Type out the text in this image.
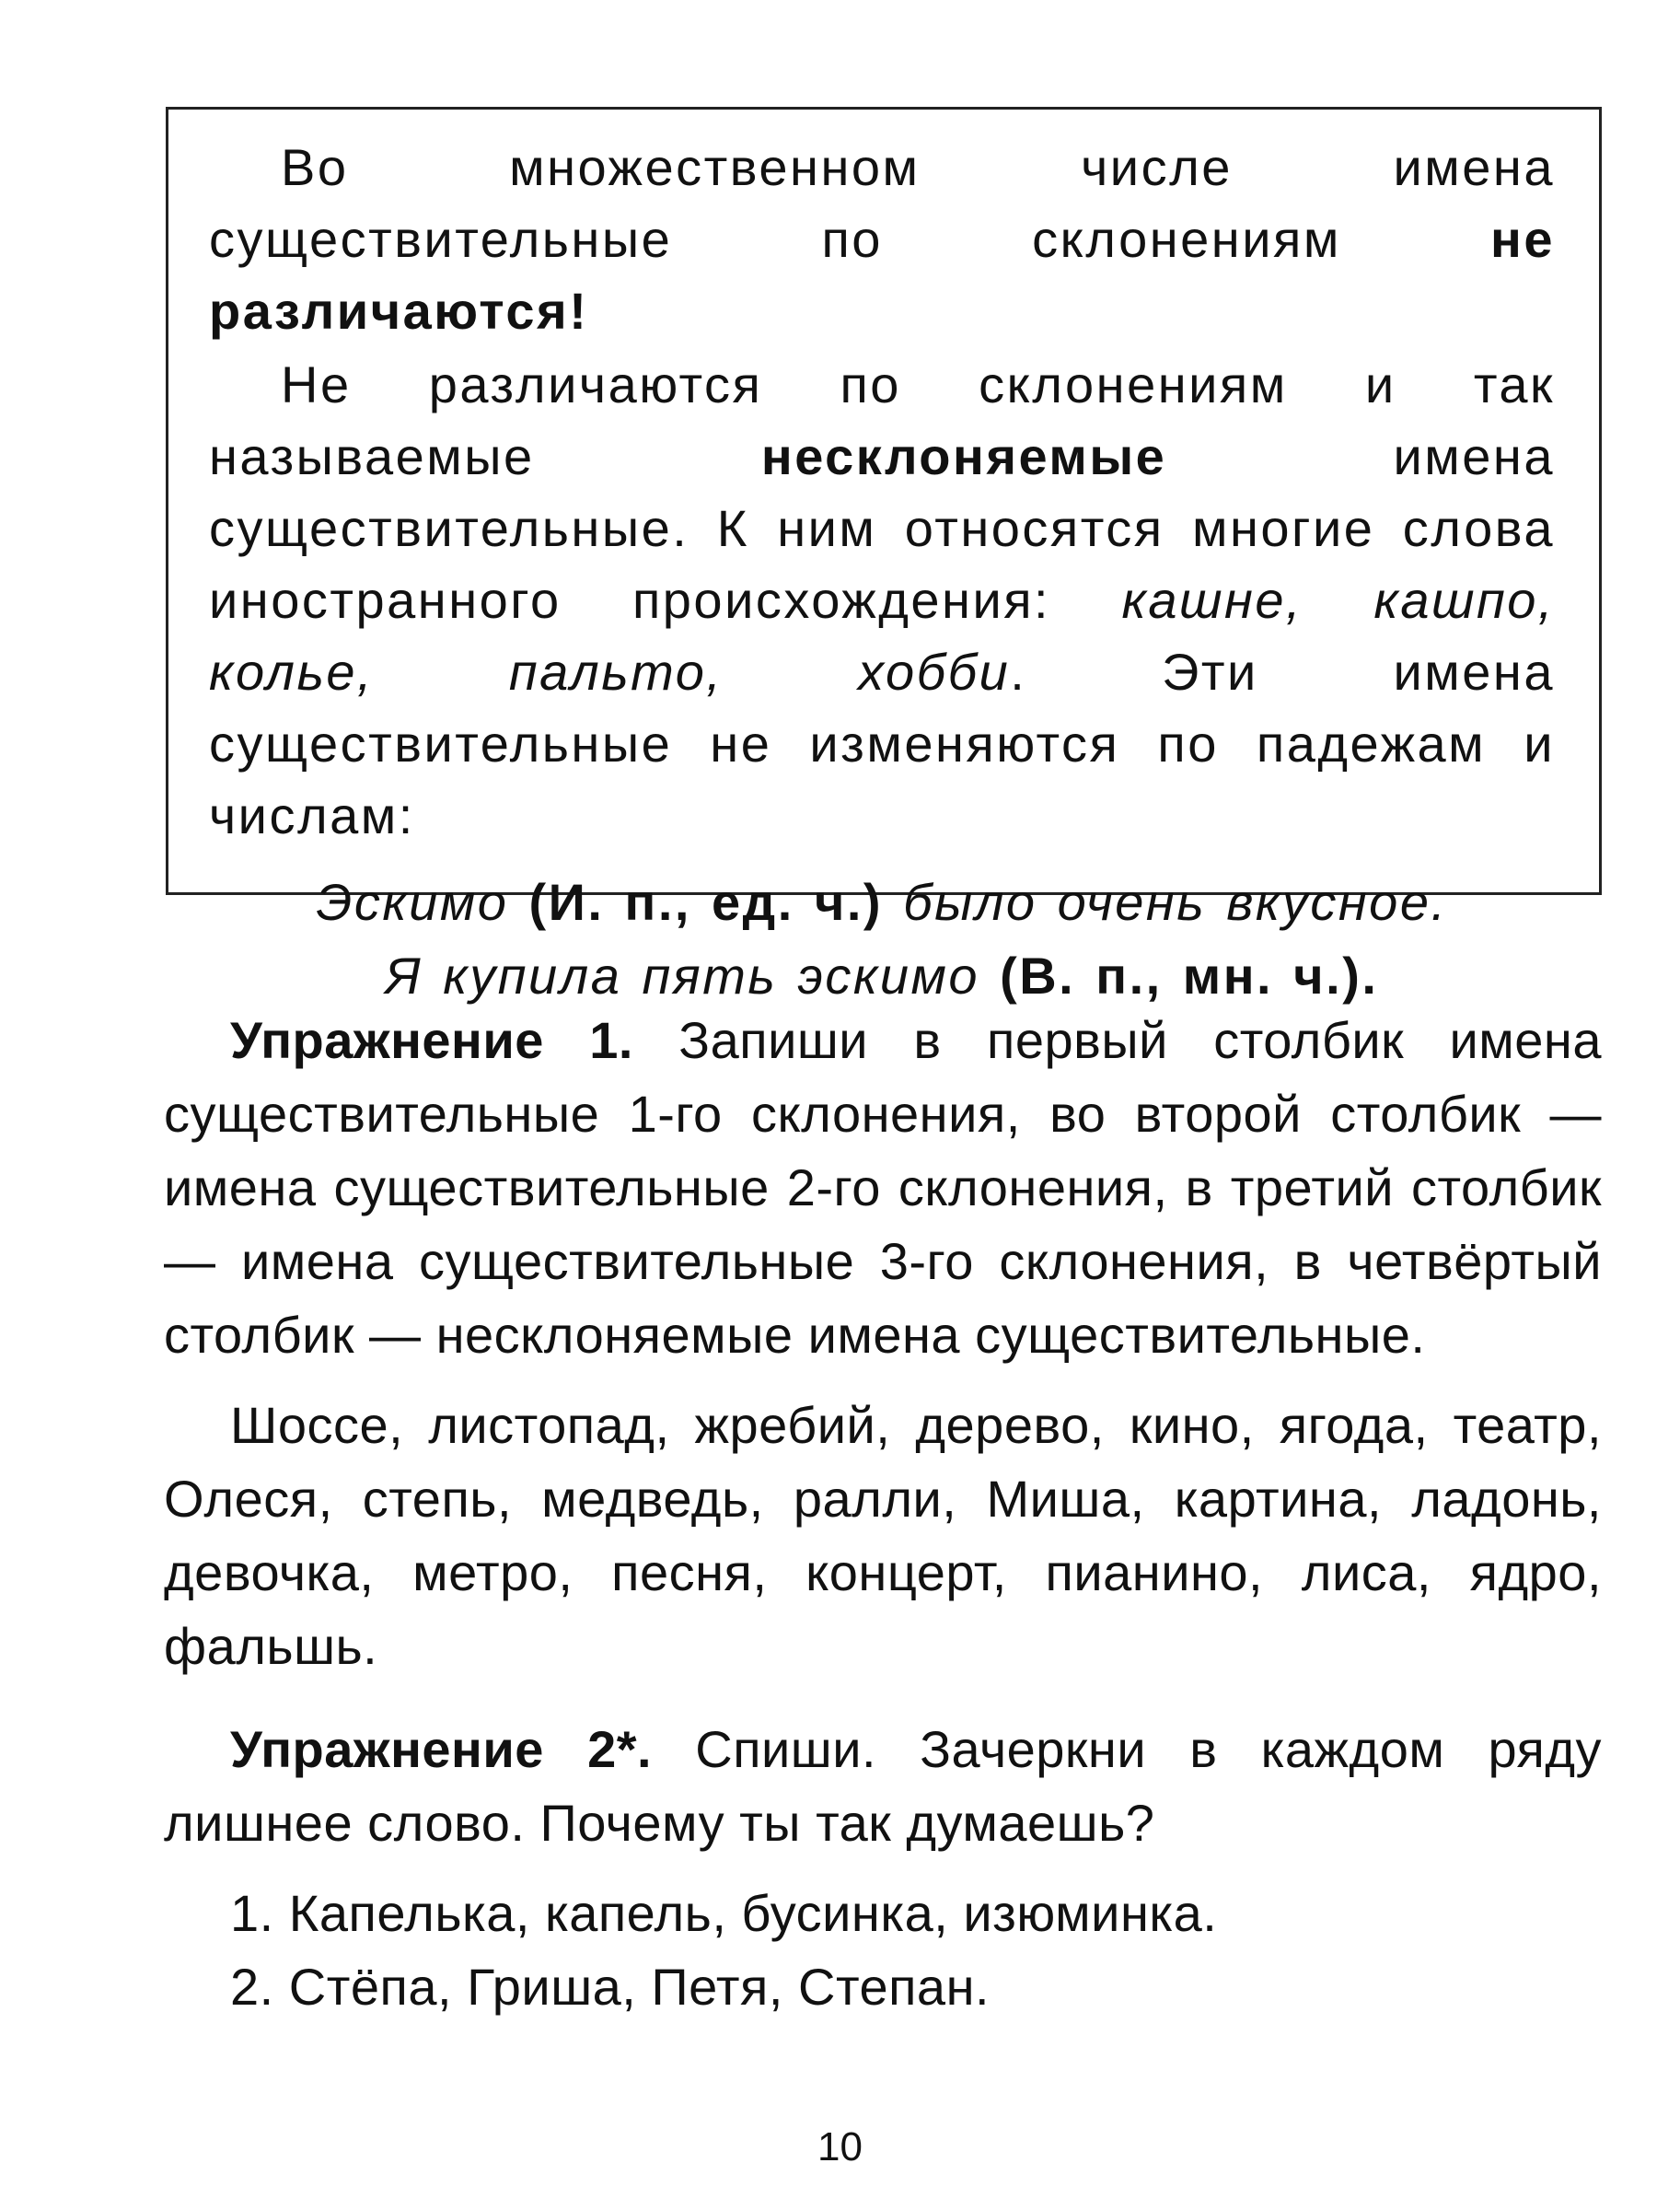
Во множественном числе имена существительные по склонениям не различаются!

Не различаются по склонениям и так называемые несклоняемые имена существительные. К ним относятся многие слова иностранного происхождения: кашне, кашпо, колье, пальто, хобби. Эти имена существительные не изменяются по падежам и числам:

Эскимо (И. п., ед. ч.) было очень вкусное.

Я купила пять эскимо (В. п., мн. ч.).

Упражнение 1. Запиши в первый столбик имена существительные 1-го склонения, во второй столбик — имена существительные 2-го склонения, в третий столбик — имена существительные 3-го склонения, в четвёртый столбик — несклоняемые имена существительные.

Шоссе, листопад, жребий, дерево, кино, ягода, театр, Олеся, степь, медведь, ралли, Миша, картина, ладонь, девочка, метро, песня, концерт, пианино, лиса, ядро, фальшь.

Упражнение 2*. Спиши. Зачеркни в каждом ряду лишнее слово. Почему ты так думаешь?

1. Капелька, капель, бусинка, изюминка.
2. Стёпа, Гриша, Петя, Степан.
10
